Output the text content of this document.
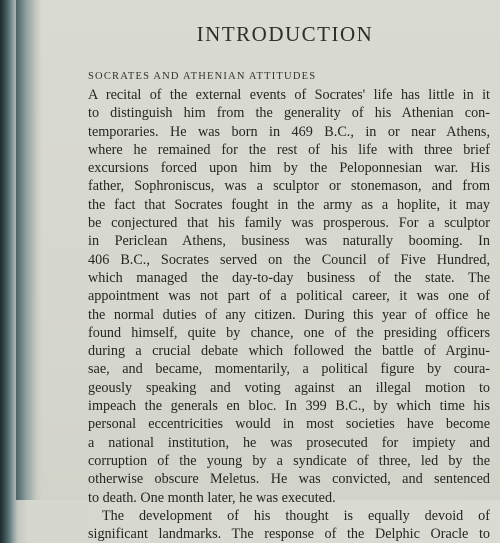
INTRODUCTION
SOCRATES AND ATHENIAN ATTITUDES
A recital of the external events of Socrates' life has little in it
to distinguish him from the generality of his Athenian con-
temporaries. He was born in 469 B.C., in or near Athens,
where he remained for the rest of his life with three brief
excursions forced upon him by the Peloponnesian war. His
father, Sophroniscus, was a sculptor or stonemason, and from
the fact that Socrates fought in the army as a hoplite, it may
be conjectured that his family was prosperous. For a sculptor
in Periclean Athens, business was naturally booming. In
406 B.C., Socrates served on the Council of Five Hundred,
which managed the day-to-day business of the state. The
appointment was not part of a political career, it was one of
the normal duties of any citizen. During this year of office he
found himself, quite by chance, one of the presiding officers
during a crucial debate which followed the battle of Arginu-
sae, and became, momentarily, a political figure by coura-
geously speaking and voting against an illegal motion to
impeach the generals en bloc. In 399 B.C., by which time his
personal eccentricities would in most societies have become
a national institution, he was prosecuted for impiety and
corruption of the young by a syndicate of three, led by the
otherwise obscure Meletus. He was convicted, and sentenced
to death. One month later, he was executed.
The development of his thought is equally devoid of
significant landmarks. The response of the Delphic Oracle to
